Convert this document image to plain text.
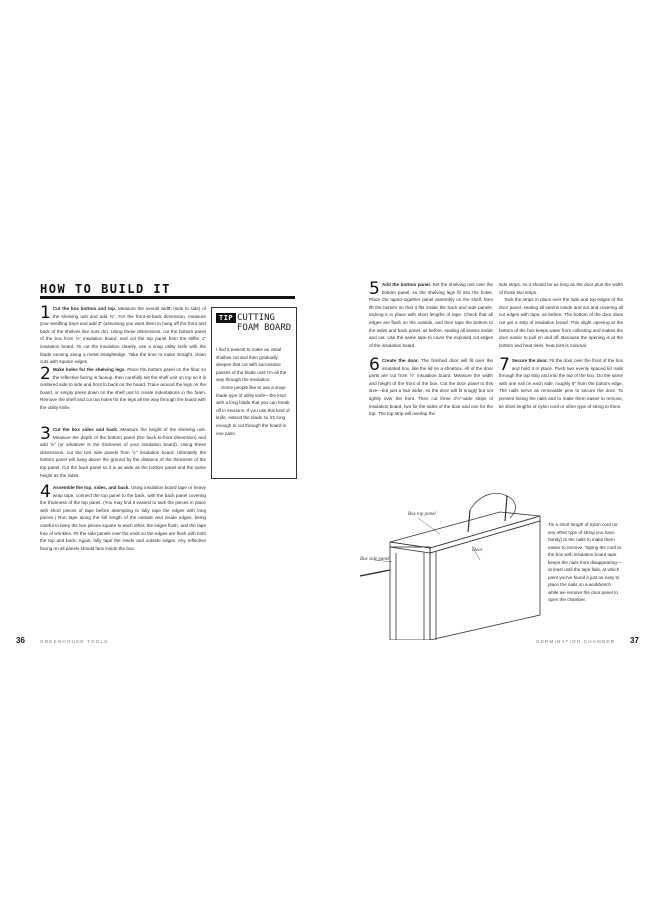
HOW TO BUILD IT
1 Cut the box bottom and top. Measure the overall width (side to side) of the shelving unit and add ¾". For the front-to-back dimension, measure your seedling trays and add 3" (assuming you want them to hang off the front and back of the shelves like ours do). Using these dimensions, cut the bottom panel of the box from ½" insulation board, and cut the top panel from the stiffer 1" insulation board. To cut the insulation cleanly, use a snap utility knife with the blade running along a metal straightedge. Take the time to make straight, clean cuts with square edges.
2 Make holes for the shelving legs. Place the bottom panel on the floor so the reflective facing is faceup, then carefully set the shelf unit on top so it is centered side to side and front to back on the board. Trace around the legs on the board, or simply press down on the shelf unit to create indentations in the foam. Remove the shelf and cut out holes for the legs all the way through the board with the utility knife.
3 Cut the box sides and back. Measure the height of the shelving unit. Measure the depth of the bottom panel (the back-to-front dimension) and add ⅝" (or whatever is the thickness of your insulation board). Using these dimensions, cut the two side panels from ½" insulation board. Ultimately the bottom panel will hang above the ground by the distance of the thickness of the top panel. Cut the back panel so it is as wide as the bottom panel and the same height as the sides.
4 Assemble the top, sides, and back. Using insulation board tape or heavy wrap tape, connect the top panel to the back, with the back panel covering the thickness of the top panel. (You may find it easiest to tack the pieces in place with short pieces of tape before attempting to fully tape the edges with long pieces.) Run tape along the full length of the outside and inside edges, being careful to keep the two pieces square to each other, the edges flush, and the tape free of wrinkles. Fit the side panels over the ends so the edges are flush with both the top and back. Again, fully tape the inside and outside edges. Any reflective facing on all panels should face inside the box.
TIP CUTTING FOAM BOARD

I find it easiest to make an initial shallow cut and then gradually deepen that cut with successive passes of the blade until I'm all the way through the insulation.

Some people like to use a snap-blade type of utility knife—the kind with a long blade that you can break off in sections. If you use this kind of knife, extend the blade so it's long enough to cut through the board in one pass.

5 Add the bottom panel. Set the shelving unit over the bottom panel, so the shelving legs fit into the holes. Place the taped-together panel assembly on the shelf, then lift the bottom so that it fits inside the back and side panels, tacking it in place with short lengths of tape. Check that all edges are flush on the outside, and then tape the bottom to the sides and back panel, as before, sealing all seams inside and out. Use the same tape to cover the exposed cut edges of the insulation board.
6 Create the door. The finished door will fit over the insulated box, like the lid on a shoebox. All of the door parts are cut from ½" insulation board. Measure the width and height of the front of the box. Cut the door panel to this size—but just a hair wider, so the door will fit snugly but not tightly over the front. Then cut three 2½"-wide strips of insulation board, two for the sides of the door and one for the top. The top strip will overlap the
side strips, so it should be as long as the door plus the width of those two strips.
Tack the strips in place over the side and top edges of the door panel, sealing all seams inside and out and covering all cut edges with tape, as before. The bottom of the door does not get a strip of insulation board. This slight opening at the bottom of the box keeps water from collecting and makes the door easier to pull on and off. Because the opening is at the bottom and heat rises, heat loss is minimal.
7 Secure the door. Fit the door over the front of the box and hold it in place. Push two evenly spaced lid nails through the top strip and into the top of the box. Do the same with one nail on each side, roughly 9" from the bottom edge. The nails serve as removable pins to secure the door. To prevent losing the nails and to make them easier to remove, tie short lengths of nylon cord or other type of string to them.
Box top panel
Box side panel
Door
Tie a short length of nylon cord (or any other type of string you have handy) to the nails to make them easier to remove. Taping the cord to the box with insulation board tape keeps the nails from disappearing—at least until the tape fails, at which point you've found it just as easy to place the nails on a workbench while we remove the door panel to open the chamber.
36	GREENHOUSE TOOLS	GERMINATION CHAMBER 37
